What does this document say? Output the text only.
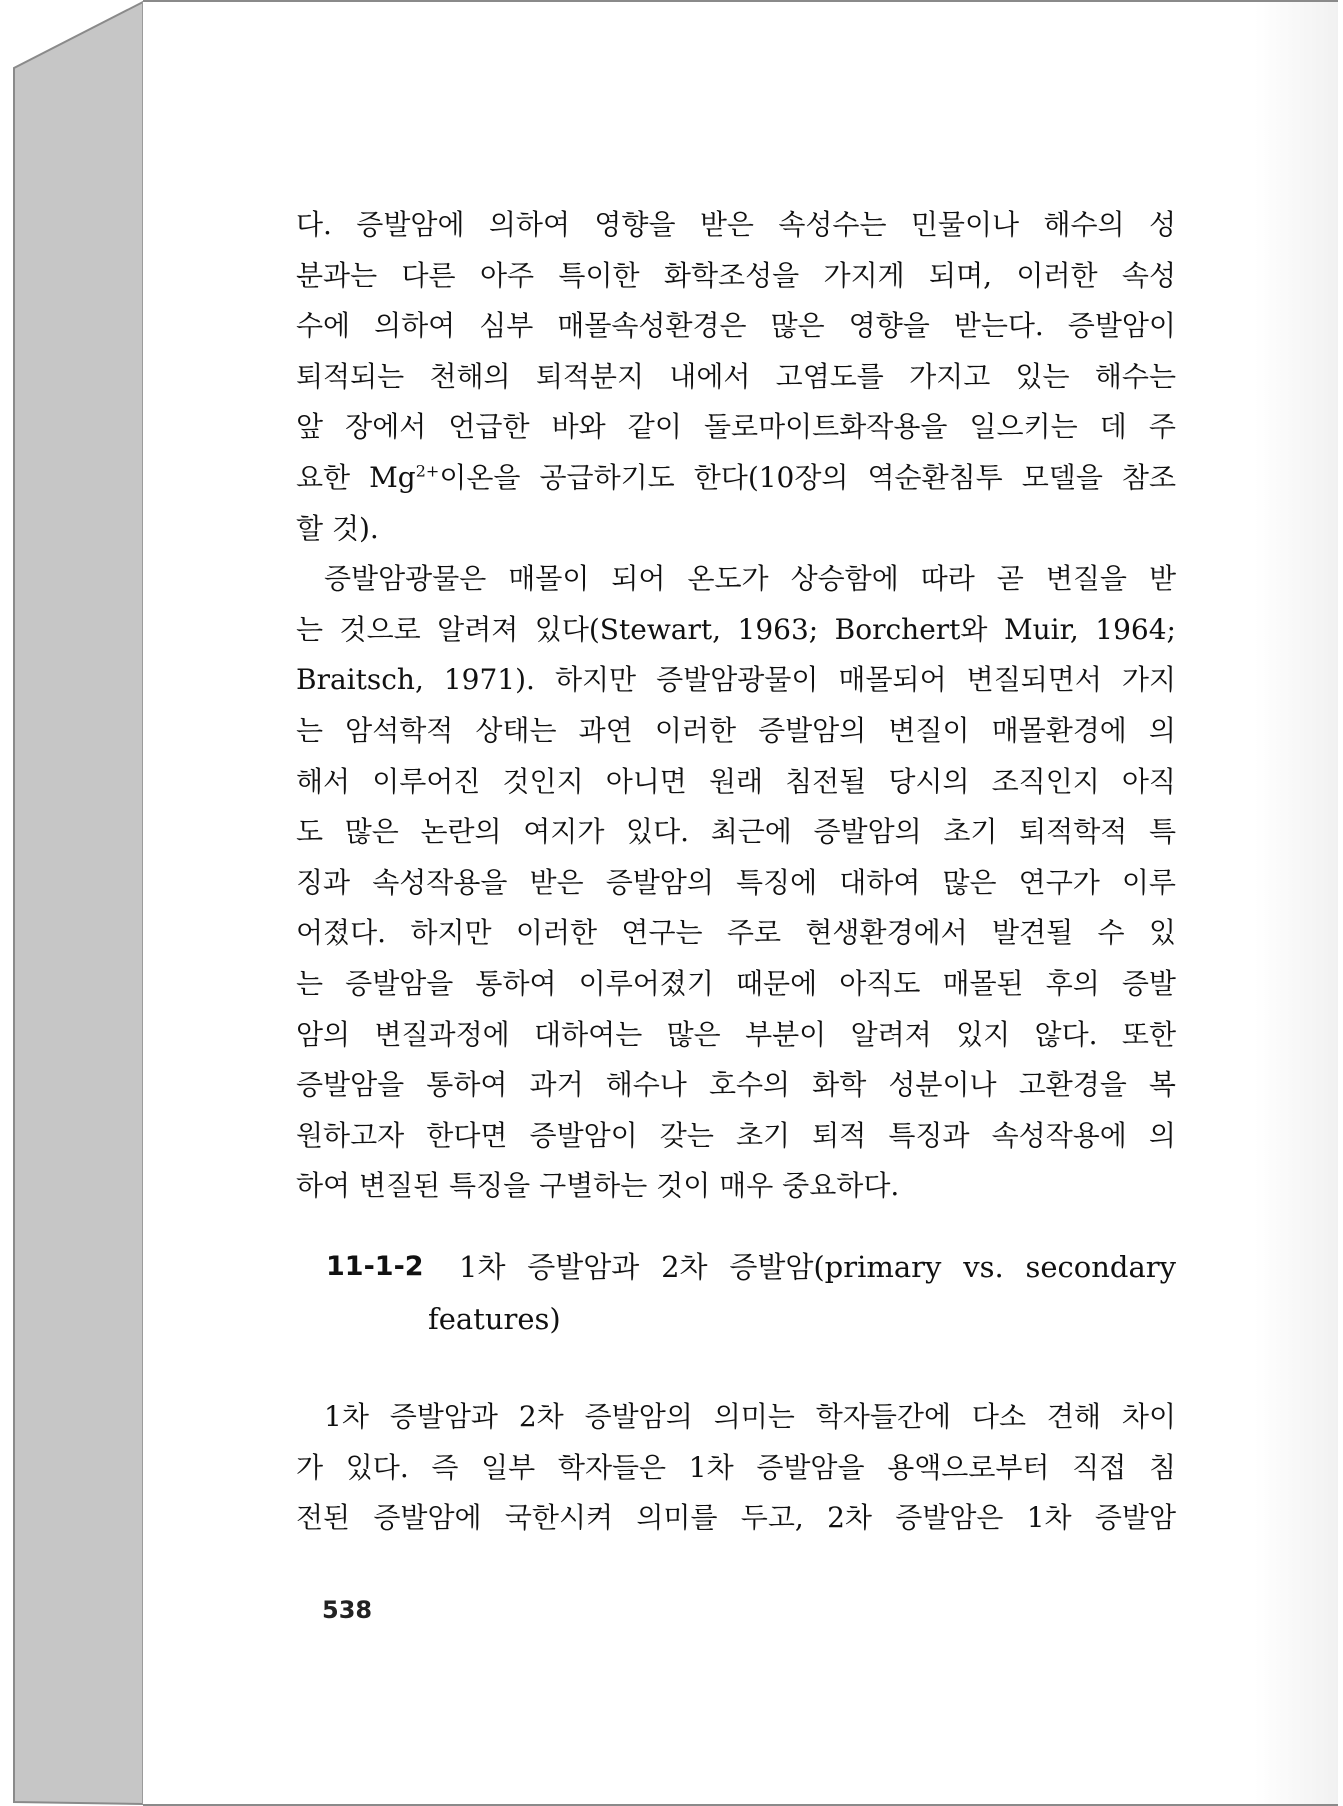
다. 증발암에 의하여 영향을 받은 속성수는 민물이나 해수의 성
분과는 다른 아주 특이한 화학조성을 가지게 되며, 이러한 속성
수에 의하여 심부 매몰속성환경은 많은 영향을 받는다. 증발암이
퇴적되는 천해의 퇴적분지 내에서 고염도를 가지고 있는 해수는
앞 장에서 언급한 바와 같이 돌로마이트화작용을 일으키는 데 주
요한 $Mg^{2+}$이온을 공급하기도 한다(10장의 역순환침투 모델을 참조
할 것).
증발암광물은 매몰이 되어 온도가 상승함에 따라 곧 변질을 받
는 것으로 알려져 있다(Stewart, 1963; Borchert와 Muir, 1964;
Braitsch, 1971). 하지만 증발암광물이 매몰되어 변질되면서 가지
는 암석학적 상태는 과연 이러한 증발암의 변질이 매몰환경에 의
해서 이루어진 것인지 아니면 원래 침전될 당시의 조직인지 아직
도 많은 논란의 여지가 있다. 최근에 증발암의 초기 퇴적학적 특
징과 속성작용을 받은 증발암의 특징에 대하여 많은 연구가 이루
어졌다. 하지만 이러한 연구는 주로 현생환경에서 발견될 수 있
는 증발암을 통하여 이루어졌기 때문에 아직도 매몰된 후의 증발
암의 변질과정에 대하여는 많은 부분이 알려져 있지 않다. 또한
증발암을 통하여 과거 해수나 호수의 화학 성분이나 고환경을 복
원하고자 한다면 증발암이 갖는 초기 퇴적 특징과 속성작용에 의
하여 변질된 특징을 구별하는 것이 매우 중요하다.
11-1-2	1차 증발암과 2차 증발암(primary vs. secondary
features)
1차 증발암과 2차 증발암의 의미는 학자들간에 다소 견해 차이
가 있다. 즉 일부 학자들은 1차 증발암을 용액으로부터 직접 침
전된 증발암에 국한시켜 의미를 두고, 2차 증발암은 1차 증발암
538
